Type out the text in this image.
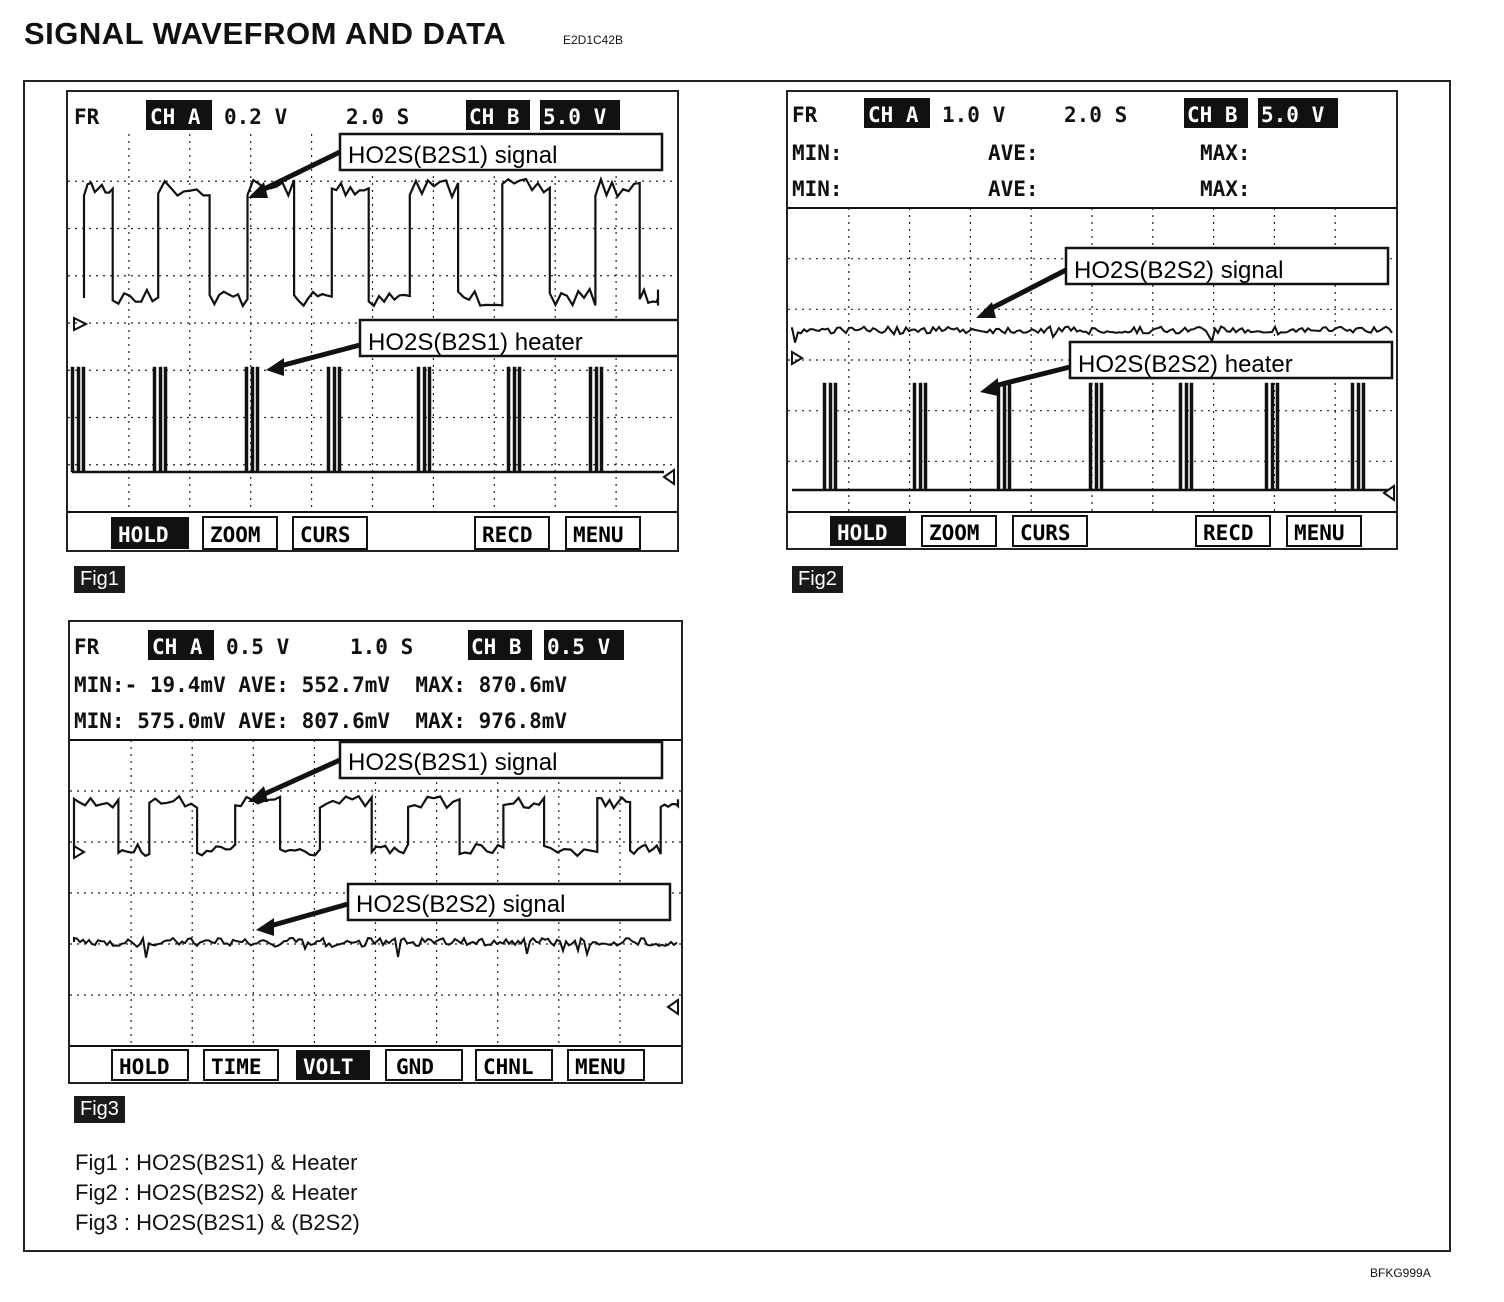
SIGNAL WAVEFROM AND DATA	E2D1C42B
BFKG999A
FR CH A 0.2 V	2.0 S	CH B 5.0 V
HO2S(B2S1) signal
HO2S(B2S1) heater
HOLD ZOOM CURS	RECD MENU
Fig1
FR CH A 1.0 V	2.0 S	CH B 5.0 V
MIN:	AVE:	MAX:
MIN:	AVE:	MAX:
HO2S(B2S2) signal
HO2S(B2S2) heater
HOLD ZOOM CURS	RECD MENU
Fig2
FR	CH A 0.5 V	1.0 S	CH B 0.5 V
MIN:- 19.4mV AVE: 552.7mV  MAX: 870.6mV
MIN: 575.0mV AVE: 807.6mV  MAX: 976.8mV
HO2S(B2S1) signal
HO2S(B2S2) signal
HOLD TIME VOLT GND CHNL MENU
Fig3
Fig1 : HO2S(B2S1) & Heater
Fig2 : HO2S(B2S2) & Heater
Fig3 : HO2S(B2S1) & (B2S2)
